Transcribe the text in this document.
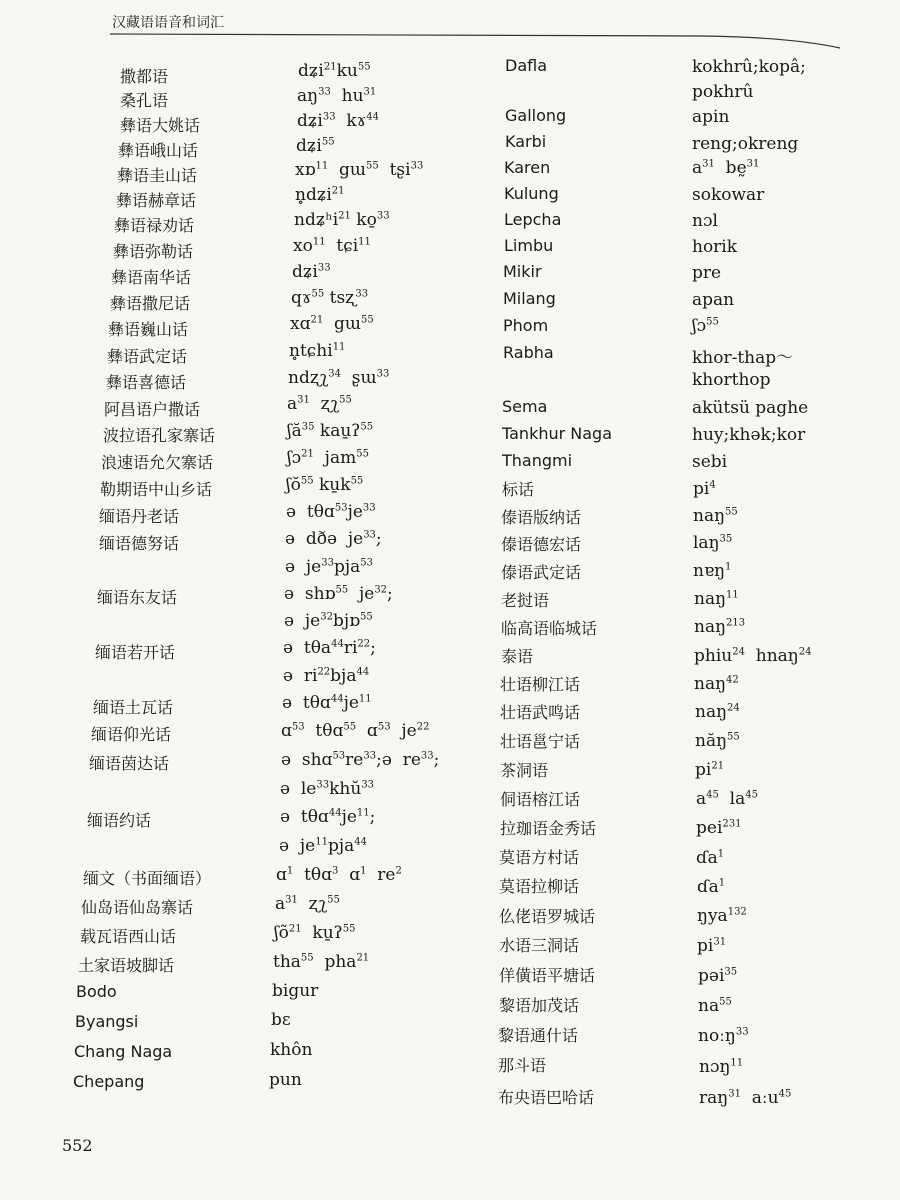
汉藏语语音和词汇
撒都语
桑孔语
彝语大姚话
彝语峨山话
彝语圭山话
彝语赫章话
彝语禄劝话
彝语弥勒话
彝语南华话
彝语撒尼话
彝语巍山话
彝语武定话
彝语喜德话
阿昌语户撒话
波拉语孔家寨话
浪速语允欠寨话
勒期语中山乡话
缅语丹老话
缅语德努话
缅语东友话
缅语若开话
缅语土瓦话
缅语仰光话
缅语茵达话
缅语约话
缅文（书面缅语）
仙岛语仙岛寨话
载瓦语西山话
土家语坡脚话
Bodo
Byangsi
Chang Naga
Chepang
$dʑi^{21}ku^{55}$
$aŋ^{33}$  $hu^{31}$
dʑi$^{33}$  kɤ$^{44}$
dʑi$^{55}$
xɒ$^{11}$  gɯ$^{55}$  tʂi$^{33}$
n̥dʑi$^{21}$
ndʑʰi$^{21}$ ko̱$^{33}$
$xo^{11}$  tɕi$^{11}$
dʑi$^{33}$
qɤ$^{55}$ tsʐ$^{33}$
xɑ$^{21}$  gɯ$^{55}$
n̥tɕhi$^{11}$
ndʐʅ$^{34}$  ʂɯ$^{33}$
$a^{31}$  ʐʅ$^{55}$
ʃă$^{35}$ kau̱ʔ$^{55}$
ʃɔ$^{21}$  jam$^{55}$
ʃŏ$^{55}$ $ku̱k^{55}$
ə  $t\theta ɑ^{53}je^{33}$
ə  dðə  $je^{33}$;
ə  $je^{33}pja^{53}$
ə  shɒ$^{55}$  $je^{32}$;
ə  $je^{32}bjɒ^{55}$
ə  $t\theta a^{44}ri^{22}$;
ə  $ri^{22}bja^{44}$
ə  $t\theta ɑ^{44}je^{11}$
ɑ$^{53}$  tθɑ$^{55}$  ɑ$^{53}$  $je^{22}$
ə  $shɑ^{53}re^{33};ə$  $re^{33}$;
ə  $le^{33}khŭ^{33}$
ə  $t\theta ɑ^{44}je^{11}$;
ə  $je^{11}pja^{44}$
ɑ$^1$  tθɑ$^3$  ɑ$^1$  $re^2$
$a^{31}$  ʐʅ$^{55}$
ʃõ$^{21}$  ku̱ʔ$^{55}$
tha$^{55}$  pha$^{21}$
bigur
bɛ
khôn
pun
Dafla
Gallong
Karbi
Karen
Kulung
Lepcha
Limbu
Mikir
Milang
Phom
Rabha
Sema
Tankhur Naga
Thangmi
标话
傣语版纳话
傣语德宏话
傣语武定话
老挝语
临高语临城话
泰语
壮语柳江话
壮语武鸣话
壮语邕宁话
茶洞语
侗语榕江话
拉珈语金秀话
莫语方村话
莫语拉柳话
仫佬语罗城话
水语三洞话
佯僙语平塘话
黎语加茂话
黎语通什话
那斗语
布央语巴哈话
kokhrû;kopâ;
pokhrû
apin
reng;okreng
$a^{31}$  bḛ$^{31}$
sokowar
nɔl
horik
pre
apan
ʃɔ$^{55}$
khor-thap～
khorthop
akütsü paghe
huy;khək;kor
sebi
$pi^4$
naŋ$^{55}$
laŋ$^{35}$
nɐŋ$^1$
naŋ$^{11}$
naŋ$^{213}$
phiu$^{24}$  hnaŋ$^{24}$
naŋ$^{42}$
naŋ$^{24}$
năŋ$^{55}$
$pi^{21}$
$a^{45}$  $la^{45}$
pei$^{231}$
ɗa$^1$
ɗa$^1$
ŋya$^{132}$
$pi^{31}$
pəi$^{35}$
$na^{55}$
noːŋ$^{33}$
nɔŋ$^{11}$
raŋ$^{31}$  aːu$^{45}$
552
